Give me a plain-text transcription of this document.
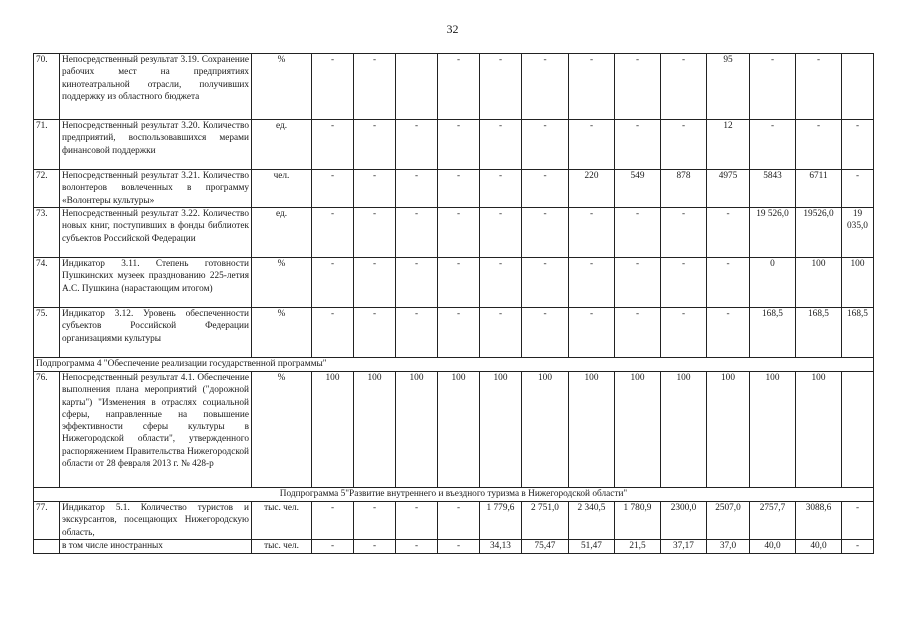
32
70.	Непосредственный результат 3.19. Сохранение рабочих мест на предприятиях кинотеатральной отрасли, получивших поддержку из областного бюджета	%	-	-		-	-	-	-	-	-	95	-	-	
71.	Непосредственный результат 3.20. Количество предприятий, воспользовавшихся мерами финансовой поддержки	ед.	-	-	-	-	-	-	-	-	-	12	-	-	-
72.	Непосредственный результат 3.21. Количество волонтеров вовлеченных в программу «Волонтеры культуры»	чел.	-	-	-	-	-	-	220	549	878	4975	5843	6711	-
73.	Непосредственный результат 3.22. Количество новых книг, поступивших в фонды библиотек субъектов Российской Федерации	ед.	-	-	-	-	-	-	-	-	-	-	19 526,0	19526,0	19 035,0
74.	Индикатор 3.11. Степень готовности Пушкинских музеек празднованию 225-летия А.С. Пушкина (нарастающим итогом)	%	-	-	-	-	-	-	-	-	-	-	0	100	100
75.	Индикатор 3.12. Уровень обеспеченности субъектов Российской Федерации организациями культуры	%	-	-	-	-	-	-	-	-	-	-	168,5	168,5	168,5
Подпрограмма 4 "Обеспечение реализации государственной программы"															
76.	Непосредственный результат 4.1. Обеспечение выполнения плана мероприятий ("дорожной карты") "Изменения в отраслях социальной сферы, направленные на повышение эффективности сферы культуры в Нижегородской области", утвержденного распоряжением Правительства Нижегородской области от 28 февраля 2013 г. № 428-р	%	100	100	100	100	100	100	100	100	100	100	100	100	
Подпрограмма 5"Развитие внутреннего и въездного туризма в Нижегородской области"															
77.	Индикатор 5.1. Количество туристов и экскурсантов, посещающих Нижегородскую область,	тыс. чел.	-	-	-	-	1 779,6	2 751,0	2 340,5	1 780,9	2300,0	2507,0	2757,7	3088,6	-
	в том числе иностранных	тыс. чел.	-	-	-	-	34,13	75,47	51,47	21,5	37,17	37,0	40,0	40,0	-
